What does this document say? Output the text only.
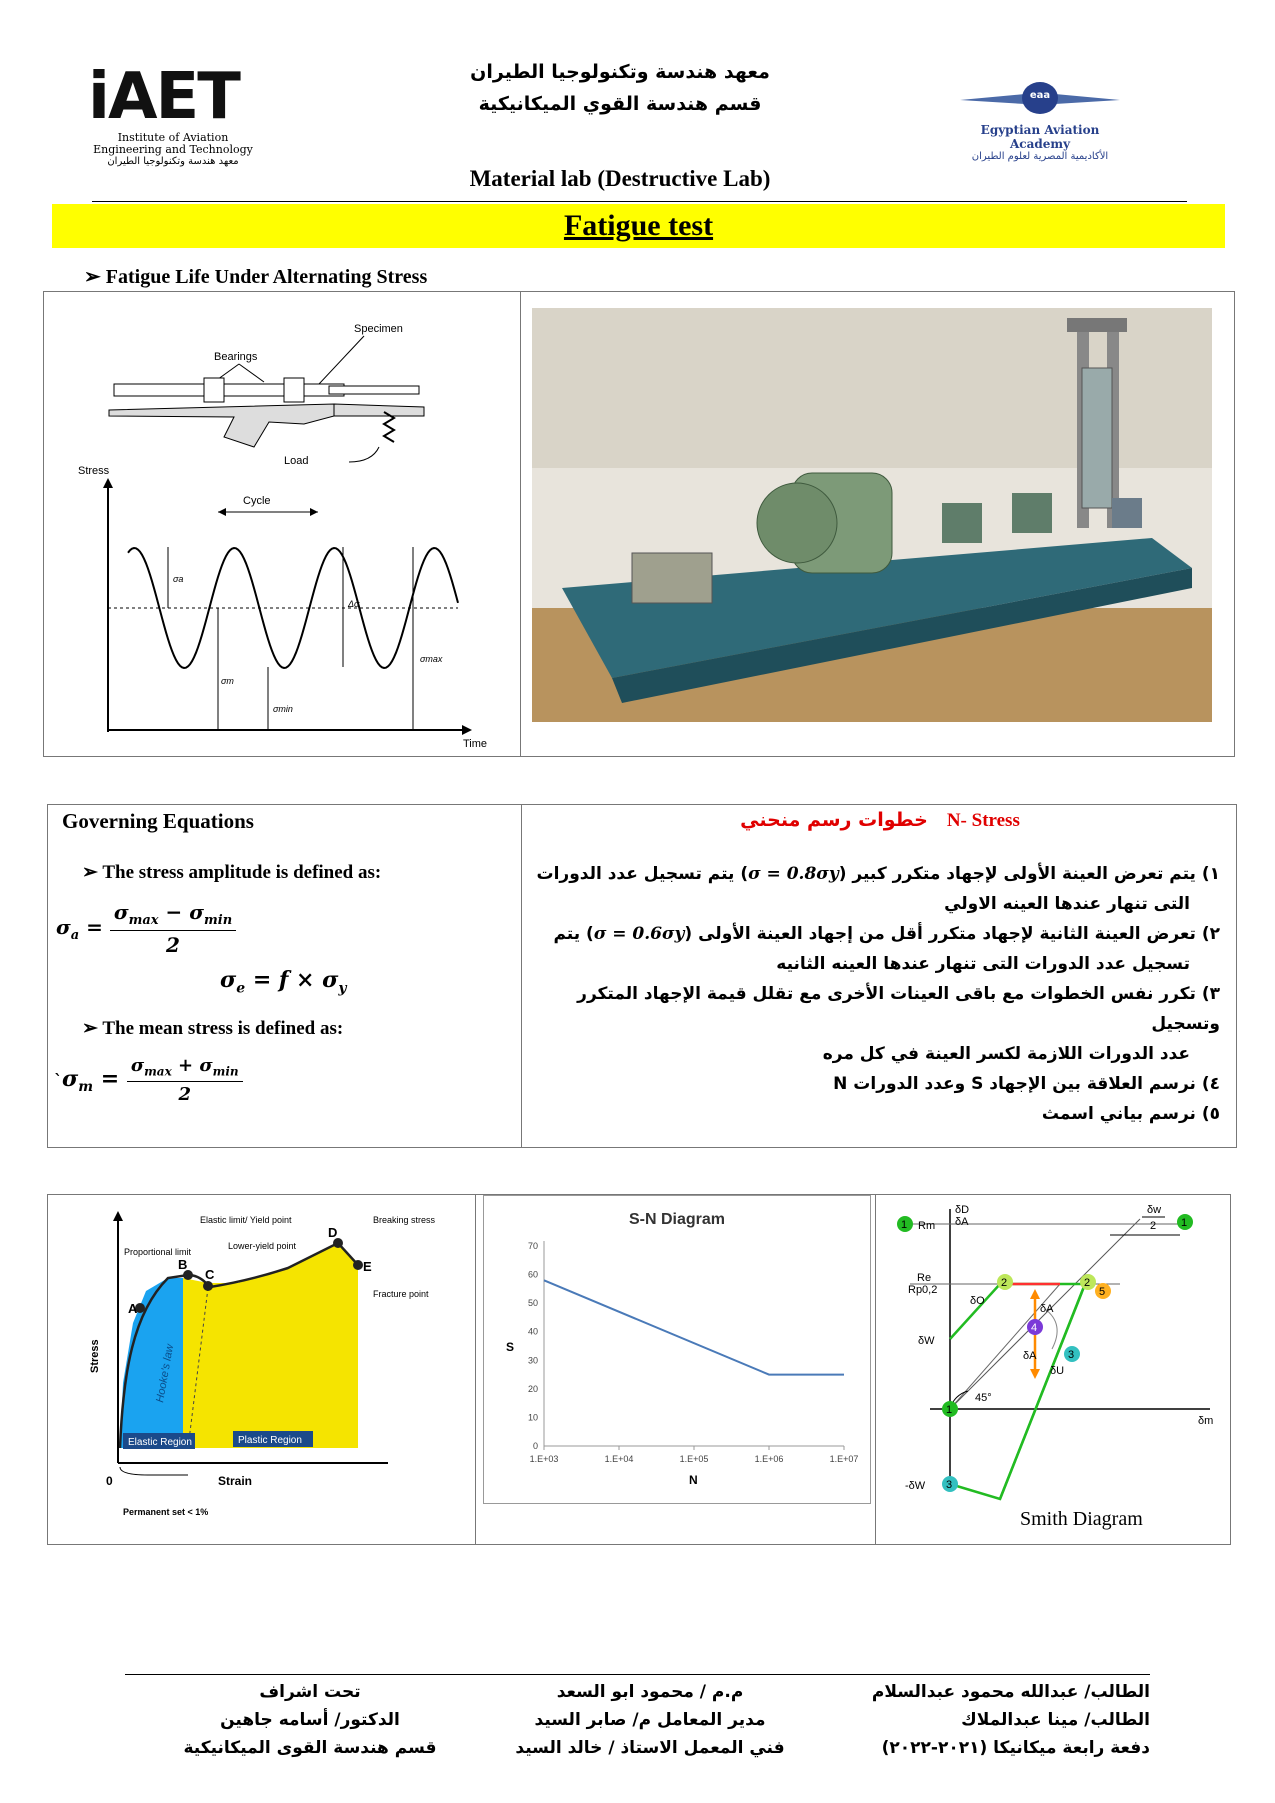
iAET
Institute of Aviation
Engineering and Technology
معهد هندسة وتكنولوجيا الطيران
معهد هندسة وتكنولوجيا الطيران
قسم هندسة القوي الميكانيكية
Material lab (Destructive Lab)
eaa
Egyptian Aviation Academy
الأكاديمية المصرية لعلوم الطيران
Fatigue test
➢ Fatigue Life Under Alternating Stress
Specimen
Bearings
Load
Stress
Time
Cycle
σa
Δσ
σmax
σm
σmin
Governing Equations
➢ The stress amplitude is defined as:
$\sigma_a = \frac{\sigma_{max} - \sigma_{min}}{2}$
$\sigma_e = f \times \sigma_y$
➢ The mean stress is defined as:
$`\sigma_m = \frac{\sigma_{max} + \sigma_{min}}{2}$
خطوات رسم منحني N- Stress
١) يتم تعرض العينة الأولى لإجهاد متكرر كبير (σ = 0.8σy) يتم تسجيل عدد الدورات
التى تنهار عندها العينه الاولي
٢) تعرض العينة الثانية لإجهاد متكرر أقل من إجهاد العينة الأولى (σ = 0.6σy) يتم
تسجيل عدد الدورات التى تنهار عندها العينه الثانيه
٣) تكرر نفس الخطوات مع باقى العينات الأخرى مع تقلل قيمة الإجهاد المتكرر وتسجيل
عدد الدورات اللازمة لكسر العينة في كل مره
٤) نرسم العلاقة بين الإجهاد S وعدد الدورات N
٥) نرسم بياني اسمث
A
B
C
D
E
Proportional limit
Elastic limit/ Yield point
Lower-yield point
Breaking stress
Fracture point
Stress
Strain
Hooke's law
Elastic Region	Plastic Region
0
Permanent set < 1%
S-N Diagram
0
10
20
30
40
50
60
70
1.E+03	1.E+04	1.E+05	1.E+06	1.E+07
S
N
1	1
2	2
5
4
3
1
3
δD
δA
Rm
Re
Rp0,2
δO
δW
δA
δA
δU
45°
δm
-δW
δw
2
Smith Diagram
تحت اشراف
الدكتور/ أسامه جاهين
قسم هندسة القوى الميكانيكية
م.م / محمود ابو السعد
مدير المعامل م/ صابر السيد
فني المعمل الاستاذ / خالد السيد
الطالب/ عبدالله محمود عبدالسلام
الطالب/ مينا عبدالملاك
دفعة رابعة ميكانيكا (٢٠٢١-٢٠٢٢)
